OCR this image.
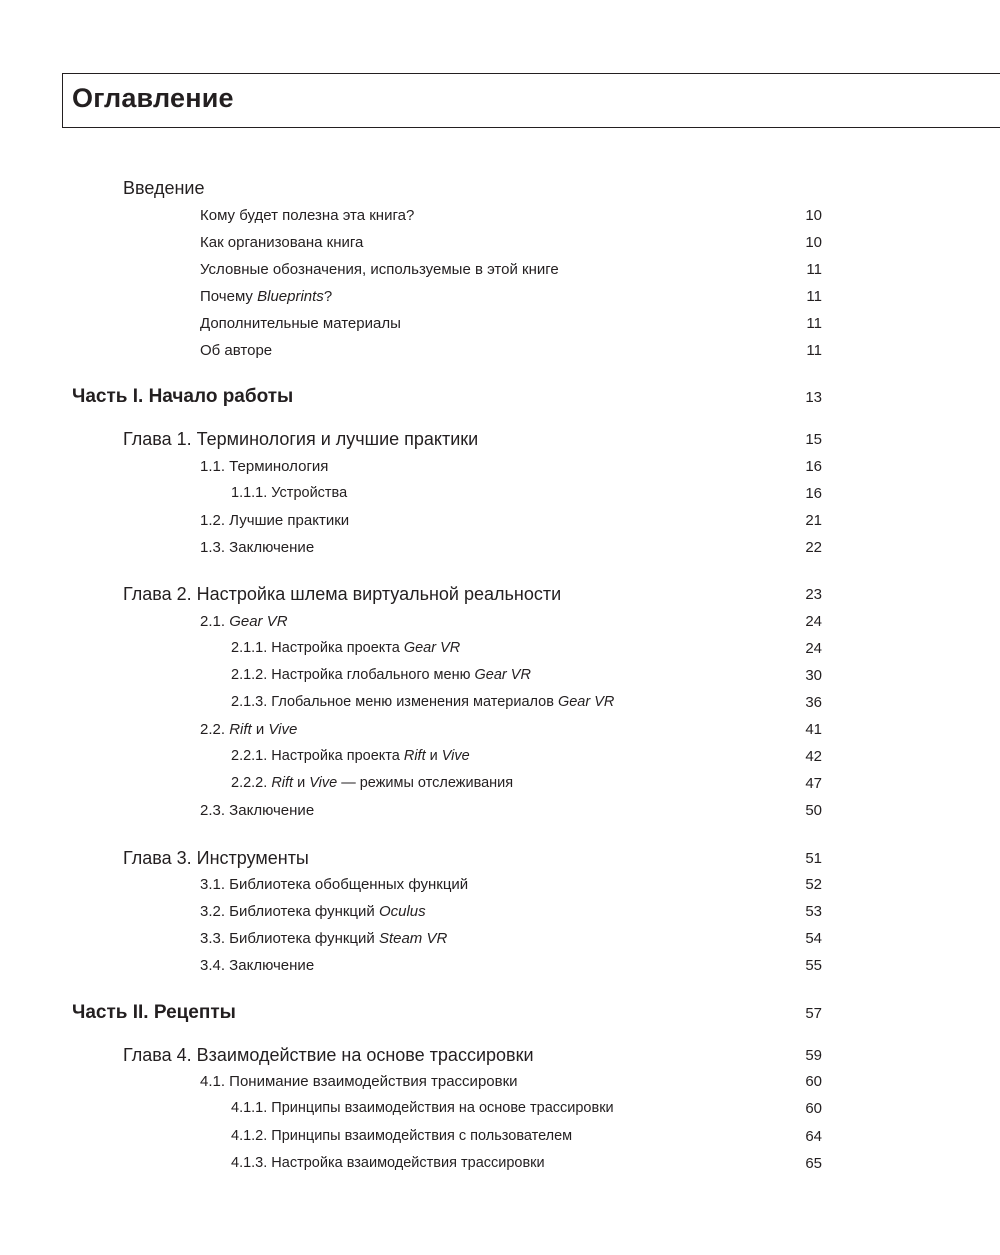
Оглавление
Введение
Кому будет полезна эта книга?	10
Как организована книга	10
Условные обозначения, используемые в этой книге	11
Почему Blueprints?	11
Дополнительные материалы	11
Об авторе	11
Часть I. Начало работы	13
Глава 1. Терминология и лучшие практики	15
1.1. Терминология	16
1.1.1. Устройства	16
1.2. Лучшие практики	21
1.3. Заключение	22
Глава 2. Настройка шлема виртуальной реальности	23
2.1. Gear VR	24
2.1.1. Настройка проекта Gear VR	24
2.1.2. Настройка глобального меню Gear VR	30
2.1.3. Глобальное меню изменения материалов Gear VR	36
2.2. Rift и Vive	41
2.2.1. Настройка проекта Rift и Vive	42
2.2.2. Rift и Vive — режимы отслеживания	47
2.3. Заключение	50
Глава 3. Инструменты	51
3.1. Библиотека обобщенных функций	52
3.2. Библиотека функций Oculus	53
3.3. Библиотека функций Steam VR	54
3.4. Заключение	55
Часть II. Рецепты	57
Глава 4. Взаимодействие на основе трассировки	59
4.1. Понимание взаимодействия трассировки	60
4.1.1. Принципы взаимодействия на основе трассировки	60
4.1.2. Принципы взаимодействия с пользователем	64
4.1.3. Настройка взаимодействия трассировки	65
